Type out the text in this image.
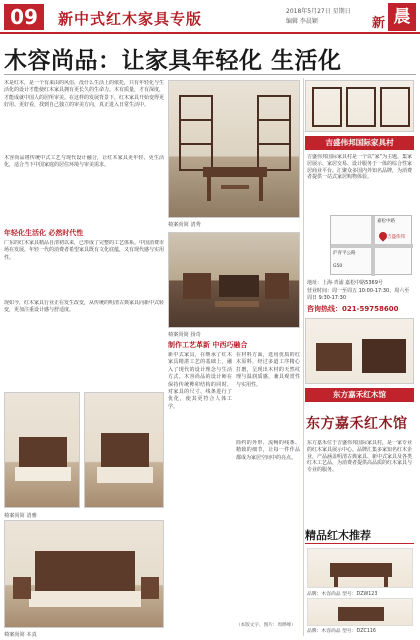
09	新中式红木家具专版	2018年5月27日 星期日
编辑 李晨颖	新 晨
木容尚品：让家具年轻化 生活化
木是红木，是一个有来由的风俗，没什么生活上的依托，只有年轻化与生活化的设计才能使红木家具拥有更长久的生命力。木有质量，才有深度，才能成就中国人的居所审美。在这样的发展背景下，红木家具开始变得更好用、更好看，找到自己独立的审美方向，真正进入日常生活中。
木容尚品将传统中式工艺与现代设计融合，让红木家具更年轻、更生活化，适合当下中国家庭的居住环境与审美需求。
椅案尚简 清秀
年轻化生活化 必然时代性
广东的红木家具精品自清初以来，已形成了完整的工艺体系。中国消费市场在发展，年轻一代的消费者希望家具既有文化底蕴，又有现代感与实用性。
现如今，红木家具行业正在发生改变，从传统的明清古典家具向新中式转变，更加注重设计感与舒适度。
椅案尚简 扬奇
椅案尚简 清雅
椅案尚简 本真
制作工艺革新 中西巧融合
新中式家具，在继承了红木家具精湛工艺的基础上，融入了现代的设计理念与生活方式。木容尚品的设计师在保持传统榫卯结构的同时，对家具的尺寸、线条进行了优化，使其更符合人体工学。
在材料方面，选用优质的红木原料，经过多道工序精心打磨，呈现出木材的天然纹理与温润质感，兼具观赏性与实用性。
简约的外形、流畅的线条、精致的细节，让每一件作品都成为家居空间中的亮点。
吉盛伟邦国际家具村
吉盛伟邦国际家具村是一个以“家”为主题，集家居展示、家居交易、设计服务于一体的综合性家居商业平台。汇聚众多国内外知名品牌，为消费者提供一站式家居购物体验。
嘉松中路
吉盛伟邦
沪青平公路
G50
地址：上海·青浦 嘉松中路5369号
营业时间：周一至周五 10:00-17:30，周六至周日 9:30-17:30
咨询热线：021-59758600
东方嘉禾红木馆
东方嘉禾红木馆
东方嘉禾位于吉盛伟邦国际家具村，是一家专业的红木家具展示中心。品牌汇集多家知名红木企业，产品涵盖明清古典家具、新中式家具及各类红木工艺品，为消费者提供高品质的红木家具与专业的服务。
精品红木推荐
品牌：木容尚品 型号：DZW123
品牌：木容尚品 型号：DZC116
（本版文字、图片：周晔峰）
